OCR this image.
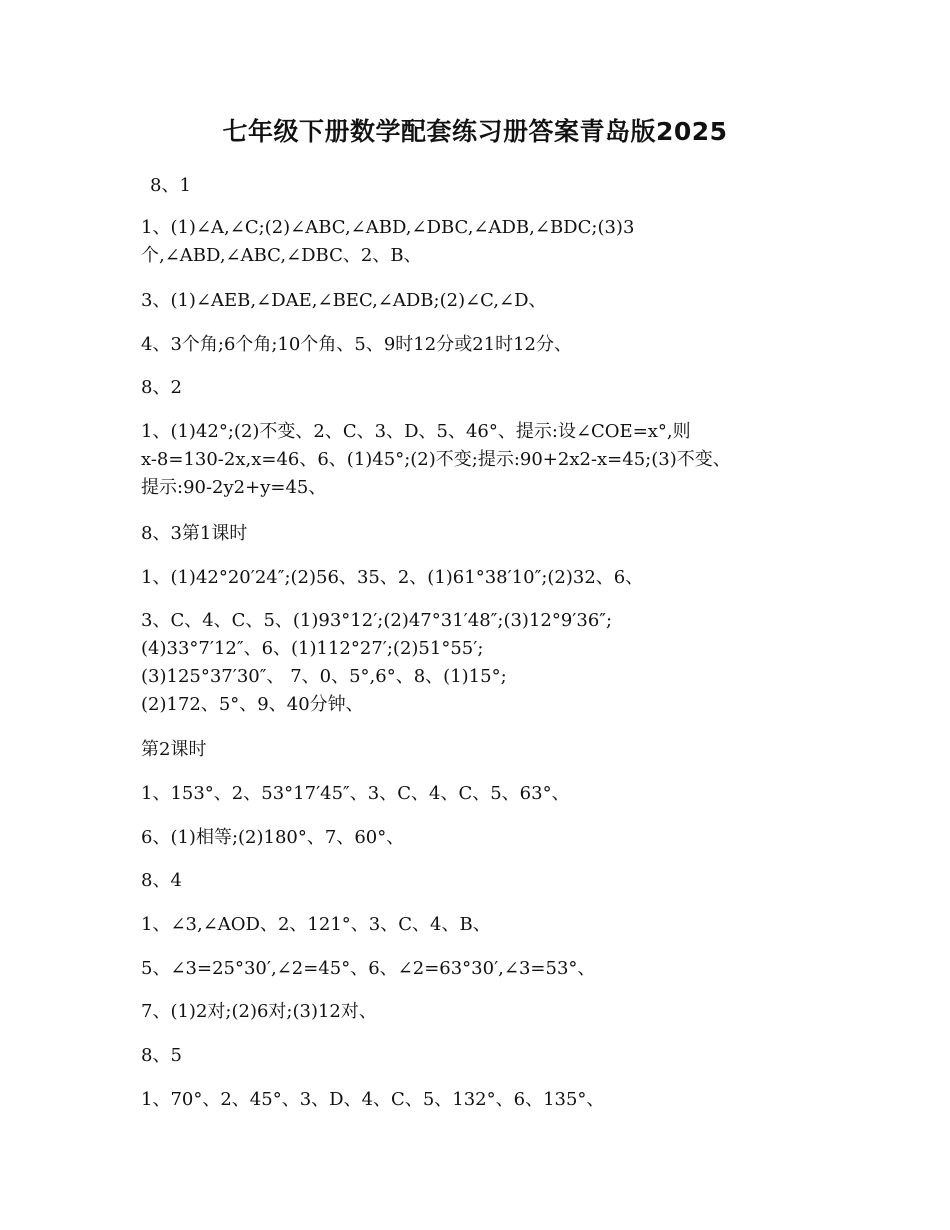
七年级下册数学配套练习册答案青岛版2025

8、1

1、(1)∠A,∠C;(2)∠ABC,∠ABD,∠DBC,∠ADB,∠BDC;(3)3
个,∠ABD,∠ABC,∠DBC、2、B、

3、(1)∠AEB,∠DAE,∠BEC,∠ADB;(2)∠C,∠D、

4、3个角;6个角;10个角、5、9时12分或21时12分、

8、2

1、(1)42°;(2)不变、2、C、3、D、5、46°、提示:设∠COE=x°,则
x-8=130-2x,x=46、6、(1)45°;(2)不变;提示:90+2x2-x=45;(3)不变、
提示:90-2y2+y=45、

8、3第1课时

1、(1)42°20′24″;(2)56、35、2、(1)61°38′10″;(2)32、6、

3、C、4、C、5、(1)93°12′;(2)47°31′48″;(3)12°9′36″;
(4)33°7′12″、6、(1)112°27′;(2)51°55′;
(3)125°37′30″、 7、0、5°,6°、8、(1)15°;
(2)172、5°、9、40分钟、

第2课时

1、153°、2、53°17′45″、3、C、4、C、5、63°、

6、(1)相等;(2)180°、7、60°、

8、4

1、∠3,∠AOD、2、121°、3、C、4、B、

5、∠3=25°30′,∠2=45°、6、∠2=63°30′,∠3=53°、

7、(1)2对;(2)6对;(3)12对、

8、5

1、70°、2、45°、3、D、4、C、5、132°、6、135°、
